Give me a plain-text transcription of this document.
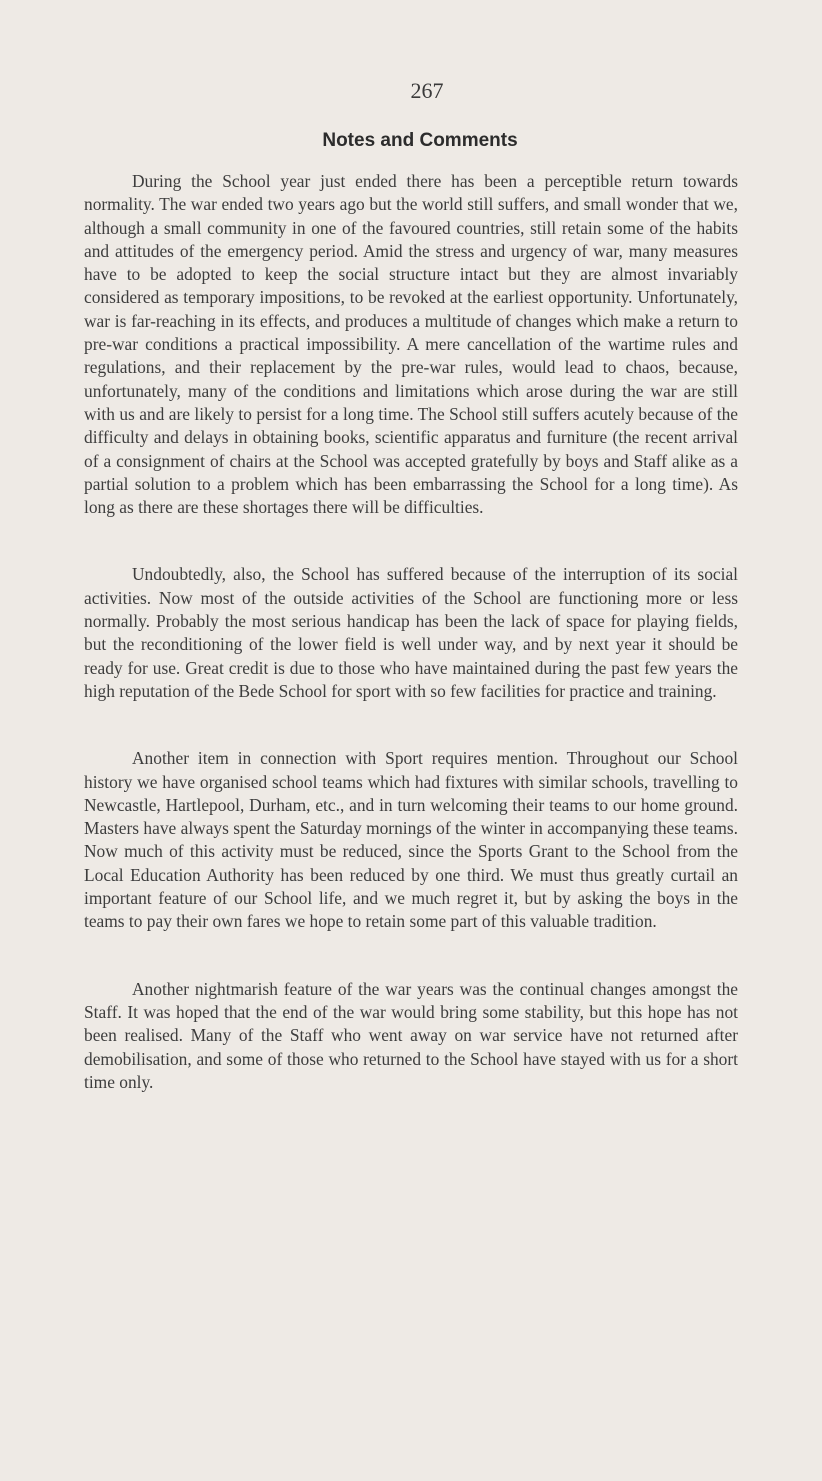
267
Notes and Comments

During the School year just ended there has been a perceptible return towards normality. The war ended two years ago but the world still suffers, and small wonder that we, although a small community in one of the favoured countries, still retain some of the habits and attitudes of the emergency period. Amid the stress and urgency of war, many measures have to be adopted to keep the social structure intact but they are almost invariably considered as temporary impositions, to be revoked at the earliest opportunity. Unfortunately, war is far-reaching in its effects, and produces a multitude of changes which make a return to pre-war conditions a practical impossibility. A mere cancellation of the wartime rules and regulations, and their replacement by the pre-war rules, would lead to chaos, because, unfortunately, many of the conditions and limitations which arose during the war are still with us and are likely to persist for a long time. The School still suffers acutely because of the difficulty and delays in obtaining books, scientific apparatus and furniture (the recent arrival of a consignment of chairs at the School was accepted gratefully by boys and Staff alike as a partial solution to a problem which has been embarrassing the School for a long time). As long as there are these shortages there will be difficulties.

Undoubtedly, also, the School has suffered because of the interruption of its social activities. Now most of the outside activities of the School are functioning more or less normally. Probably the most serious handicap has been the lack of space for playing fields, but the reconditioning of the lower field is well under way, and by next year it should be ready for use. Great credit is due to those who have maintained during the past few years the high reputation of the Bede School for sport with so few facilities for practice and training.

Another item in connection with Sport requires mention. Throughout our School history we have organised school teams which had fixtures with similar schools, travelling to Newcastle, Hartlepool, Durham, etc., and in turn welcoming their teams to our home ground. Masters have always spent the Saturday mornings of the winter in accompanying these teams. Now much of this activity must be reduced, since the Sports Grant to the School from the Local Education Authority has been reduced by one third. We must thus greatly curtail an important feature of our School life, and we much regret it, but by asking the boys in the teams to pay their own fares we hope to retain some part of this valuable tradition.

Another nightmarish feature of the war years was the continual changes amongst the Staff. It was hoped that the end of the war would bring some stability, but this hope has not been realised. Many of the Staff who went away on war service have not returned after demobilisation, and some of those who returned to the School have stayed with us for a short time only.
